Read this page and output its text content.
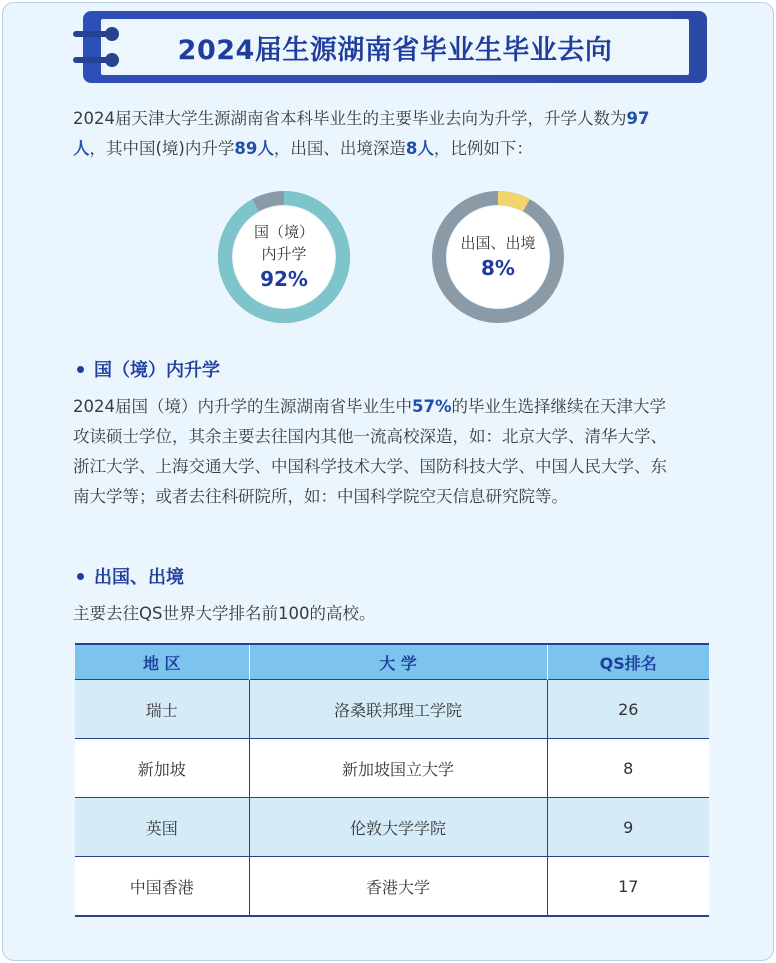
2024届生源湖南省毕业生毕业去向
2024届天津大学生源湖南省本科毕业生的主要毕业去向为升学，升学人数为97
人，其中国(境)内升学89人，出国、出境深造8人，比例如下：
国（境）
内升学
92%
出国、出境
8%
国（境）内升学
2024届国（境）内升学的生源湖南省毕业生中57%的毕业生选择继续在天津大学
攻读硕士学位，其余主要去往国内其他一流高校深造，如：北京大学、清华大学、
浙江大学、上海交通大学、中国科学技术大学、国防科技大学、中国人民大学、东
南大学等；或者去往科研院所，如：中国科学院空天信息研究院等。
出国、出境
主要去往QS世界大学排名前100的高校。
地 区	大 学	QS排名
瑞士	洛桑联邦理工学院	26
新加坡	新加坡国立大学	8
英国	伦敦大学学院	9
中国香港	香港大学	17
